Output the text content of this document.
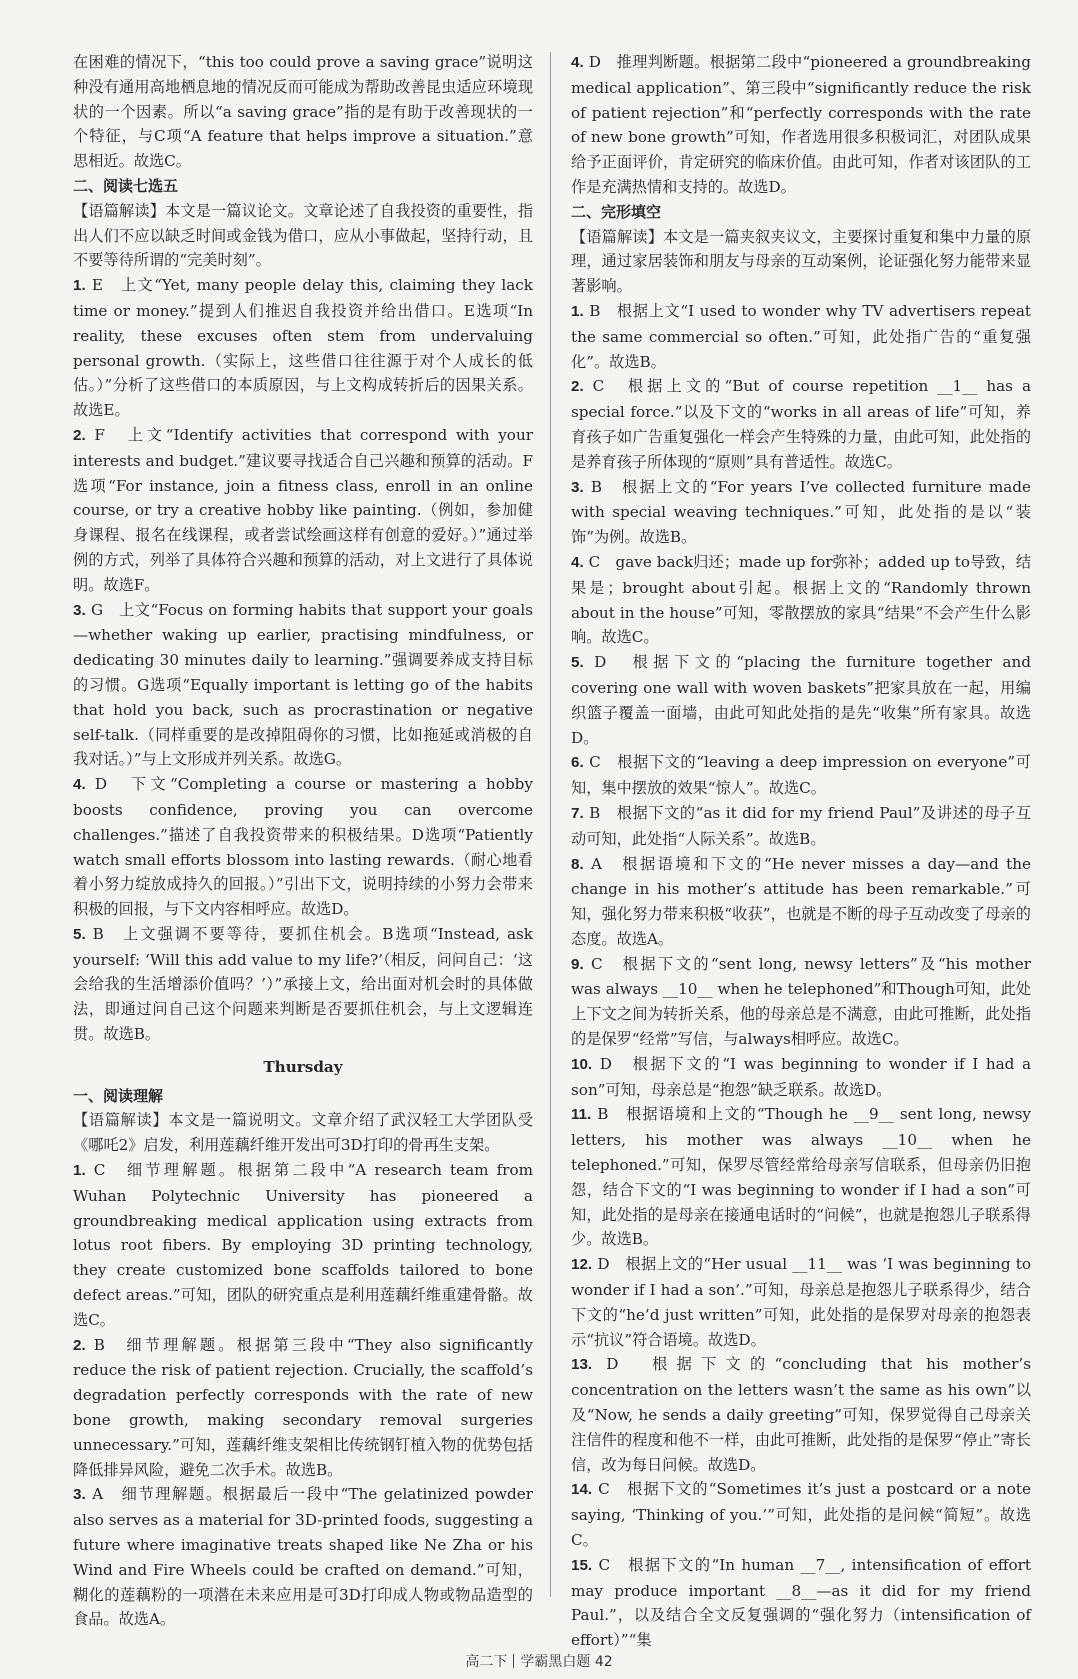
在困难的情况下，“this too could prove a saving grace”说明这种没有通用高地栖息地的情况反而可能成为帮助改善昆虫适应环境现状的一个因素。所以“a saving grace”指的是有助于改善现状的一个特征，与C项“A feature that helps improve a situation.”意思相近。故选C。

二、阅读七选五

【语篇解读】本文是一篇议论文。文章论述了自我投资的重要性，指出人们不应以缺乏时间或金钱为借口，应从小事做起，坚持行动，且不要等待所谓的“完美时刻”。

1. E　上文“Yet, many people delay this, claiming they lack time or money.”提到人们推迟自我投资并给出借口。E选项“In reality, these excuses often stem from undervaluing personal growth.（实际上，这些借口往往源于对个人成长的低估。）”分析了这些借口的本质原因，与上文构成转折后的因果关系。故选E。

2. F　上文“Identify activities that correspond with your interests and budget.”建议要寻找适合自己兴趣和预算的活动。F选项“For instance, join a fitness class, enroll in an online course, or try a creative hobby like painting.（例如，参加健身课程、报名在线课程，或者尝试绘画这样有创意的爱好。）”通过举例的方式，列举了具体符合兴趣和预算的活动，对上文进行了具体说明。故选F。

3. G　上文“Focus on forming habits that support your goals—whether waking up earlier, practising mindfulness, or dedicating 30 minutes daily to learning.”强调要养成支持目标的习惯。G选项“Equally important is letting go of the habits that hold you back, such as procrastination or negative self-talk.（同样重要的是改掉阻碍你的习惯，比如拖延或消极的自我对话。）”与上文形成并列关系。故选G。

4. D　下文“Completing a course or mastering a hobby boosts confidence, proving you can overcome challenges.”描述了自我投资带来的积极结果。D选项“Patiently watch small efforts blossom into lasting rewards.（耐心地看着小努力绽放成持久的回报。）”引出下文，说明持续的小努力会带来积极的回报，与下文内容相呼应。故选D。

5. B　上文强调不要等待，要抓住机会。B选项“Instead, ask yourself: ‘Will this add value to my life?’（相反，问问自己：‘这会给我的生活增添价值吗？’）”承接上文，给出面对机会时的具体做法，即通过问自己这个问题来判断是否要抓住机会，与上文逻辑连贯。故选B。

Thursday

一、阅读理解

【语篇解读】本文是一篇说明文。文章介绍了武汉轻工大学团队受《哪吒2》启发，利用莲藕纤维开发出可3D打印的骨再生支架。

1. C　细节理解题。根据第二段中“A research team from Wuhan Polytechnic University has pioneered a groundbreaking medical application using extracts from lotus root fibers. By employing 3D printing technology, they create customized bone scaffolds tailored to bone defect areas.”可知，团队的研究重点是利用莲藕纤维重建骨骼。故选C。

2. B　细节理解题。根据第三段中“They also significantly reduce the risk of patient rejection. Crucially, the scaffold’s degradation perfectly corresponds with the rate of new bone growth, making secondary removal surgeries unnecessary.”可知，莲藕纤维支架相比传统钢钉植入物的优势包括降低排异风险，避免二次手术。故选B。

3. A　细节理解题。根据最后一段中“The gelatinized powder also serves as a material for 3D-printed foods, suggesting a future where imaginative treats shaped like Ne Zha or his Wind and Fire Wheels could be crafted on demand.”可知，糊化的莲藕粉的一项潜在未来应用是可3D打印成人物或物品造型的食品。故选A。

4. D　推理判断题。根据第二段中“pioneered a groundbreaking medical application”、第三段中“significantly reduce the risk of patient rejection”和“perfectly corresponds with the rate of new bone growth”可知，作者选用很多积极词汇，对团队成果给予正面评价，肯定研究的临床价值。由此可知，作者对该团队的工作是充满热情和支持的。故选D。

二、完形填空

【语篇解读】本文是一篇夹叙夹议文，主要探讨重复和集中力量的原理，通过家居装饰和朋友与母亲的互动案例，论证强化努力能带来显著影响。

1. B　根据上文“I used to wonder why TV advertisers repeat the same commercial so often.”可知，此处指广告的“重复强化”。故选B。

2. C　根据上文的“But of course repetition __1__ has a special force.”以及下文的“works in all areas of life”可知，养育孩子如广告重复强化一样会产生特殊的力量，由此可知，此处指的是养育孩子所体现的“原则”具有普适性。故选C。

3. B　根据上文的“For years I’ve collected furniture made with special weaving techniques.”可知，此处指的是以“装饰”为例。故选B。

4. C　gave back归还；made up for弥补；added up to导致，结果是；brought about引起。根据上文的“Randomly thrown about in the house”可知，零散摆放的家具“结果”不会产生什么影响。故选C。

5. D　根据下文的“placing the furniture together and covering one wall with woven baskets”把家具放在一起，用编织篮子覆盖一面墙，由此可知此处指的是先“收集”所有家具。故选D。

6. C　根据下文的“leaving a deep impression on everyone”可知，集中摆放的效果“惊人”。故选C。

7. B　根据下文的“as it did for my friend Paul”及讲述的母子互动可知，此处指“人际关系”。故选B。

8. A　根据语境和下文的“He never misses a day—and the change in his mother’s attitude has been remarkable.”可知，强化努力带来积极“收获”，也就是不断的母子互动改变了母亲的态度。故选A。

9. C　根据下文的“sent long, newsy letters”及“his mother was always __10__ when he telephoned”和Though可知，此处上下文之间为转折关系，他的母亲总是不满意，由此可推断，此处指的是保罗“经常”写信，与always相呼应。故选C。

10. D　根据下文的“I was beginning to wonder if I had a son”可知，母亲总是“抱怨”缺乏联系。故选D。

11. B　根据语境和上文的“Though he __9__ sent long, newsy letters, his mother was always __10__ when he telephoned.”可知，保罗尽管经常给母亲写信联系，但母亲仍旧抱怨，结合下文的“I was beginning to wonder if I had a son”可知，此处指的是母亲在接通电话时的“问候”，也就是抱怨儿子联系得少。故选B。

12. D　根据上文的“Her usual __11__ was ‘I was beginning to wonder if I had a son’.”可知，母亲总是抱怨儿子联系得少，结合下文的“he’d just written”可知，此处指的是保罗对母亲的抱怨表示“抗议”符合语境。故选D。

13. D　根据下文的“concluding that his mother’s concentration on the letters wasn’t the same as his own”以及“Now, he sends a daily greeting”可知，保罗觉得自己母亲关注信件的程度和他不一样，由此可推断，此处指的是保罗“停止”寄长信，改为每日问候。故选D。

14. C　根据下文的“Sometimes it’s just a postcard or a note saying, ‘Thinking of you.’”可知，此处指的是问候“简短”。故选C。

15. C　根据下文的“In human __7__, intensification of effort may produce important __8__—as it did for my friend Paul.”，以及结合全文反复强调的“强化努力（intensification of effort）”“集

高二下 学霸黑白题 42
